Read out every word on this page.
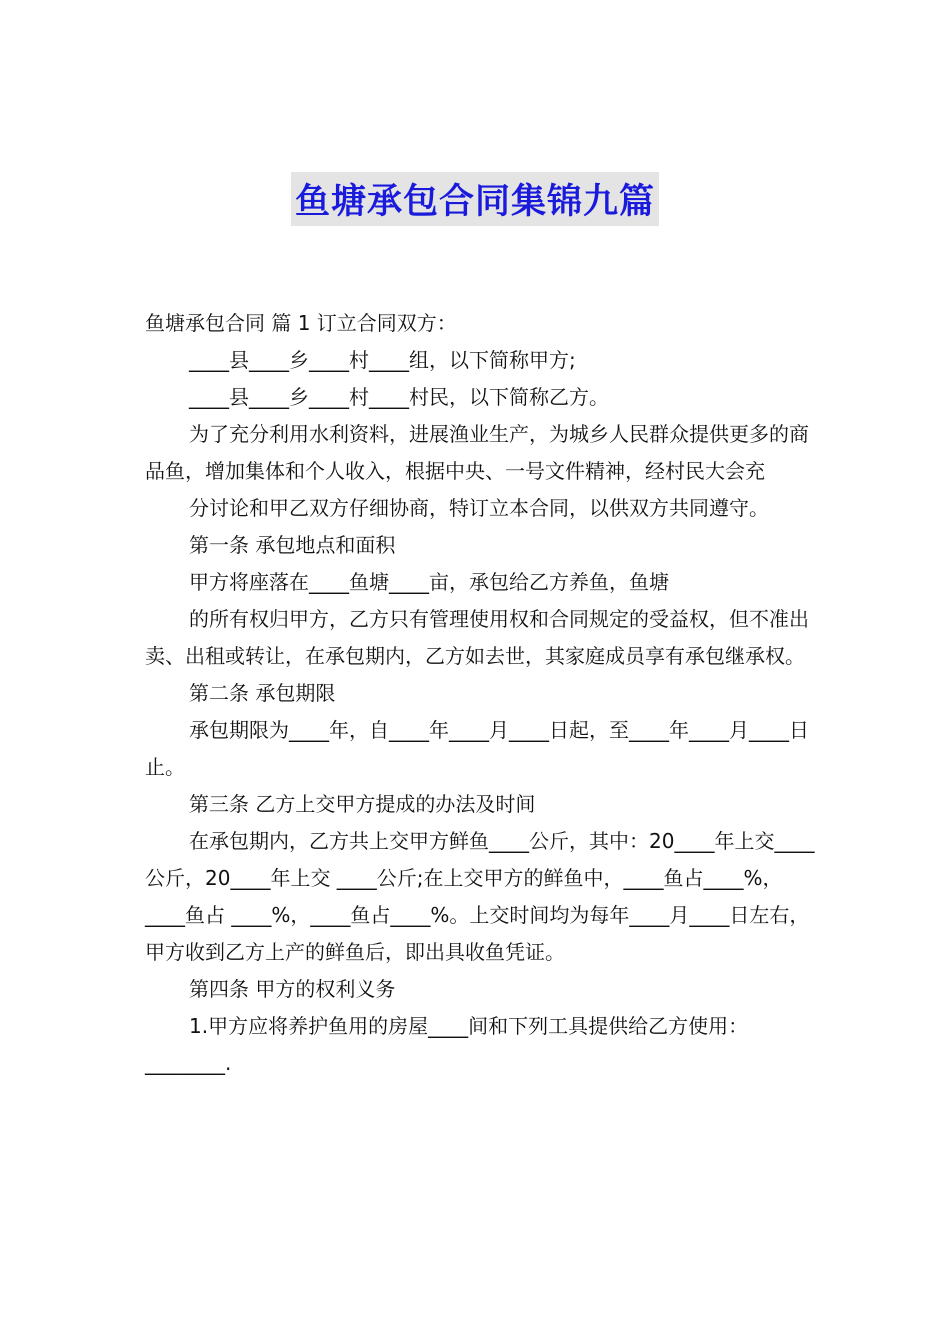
鱼塘承包合同集锦九篇

鱼塘承包合同 篇 1 订立合同双方：

____县____乡____村____组，以下简称甲方;

____县____乡____村____村民，以下简称乙方。

为了充分利用水利资料，进展渔业生产，为城乡人民群众提供更多的商品鱼，增加集体和个人收入，根据中央、一号文件精神，经村民大会充

分讨论和甲乙双方仔细协商，特订立本合同，以供双方共同遵守。

第一条 承包地点和面积

甲方将座落在____鱼塘____亩，承包给乙方养鱼，鱼塘

的所有权归甲方，乙方只有管理使用权和合同规定的受益权，但不准出卖、出租或转让，在承包期内，乙方如去世，其家庭成员享有承包继承权。

第二条 承包期限

承包期限为____年，自____年____月____日起，至____年____月____日止。

第三条 乙方上交甲方提成的办法及时间

在承包期内，乙方共上交甲方鲜鱼____公斤，其中：20____年上交____公斤，20____年上交 ____公斤;在上交甲方的鲜鱼中，____鱼占____%，____鱼占 ____%，____鱼占____%。上交时间均为每年____月____日左右，甲方收到乙方上产的鲜鱼后，即出具收鱼凭证。

第四条 甲方的权利义务

1.甲方应将养护鱼用的房屋____间和下列工具提供给乙方使用：________.
